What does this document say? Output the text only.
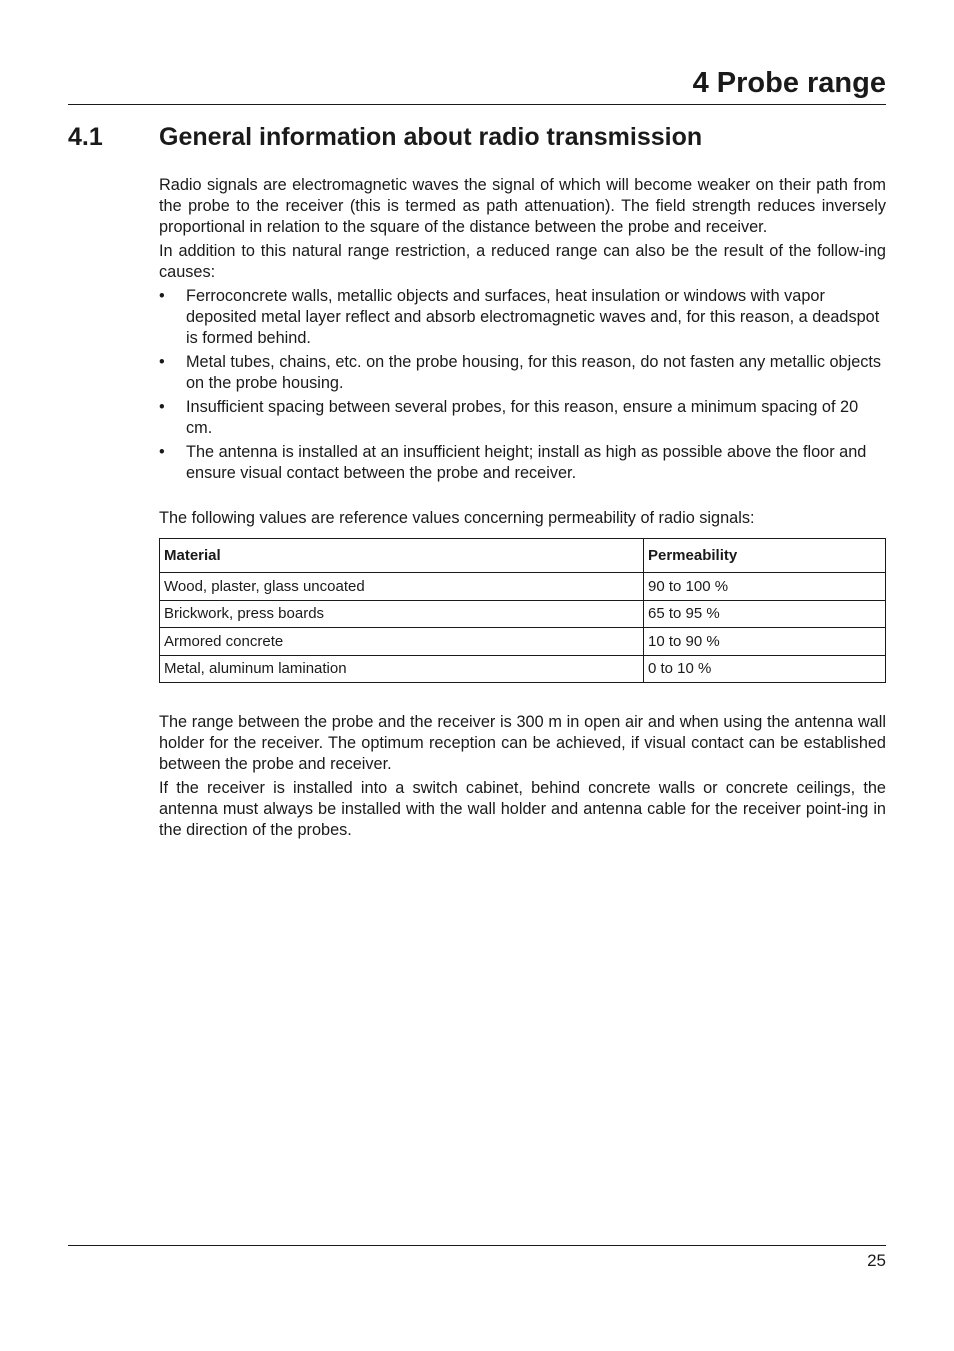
4 Probe range
4.1 General information about radio transmission

Radio signals are electromagnetic waves the signal of which will become weaker on their path from the probe to the receiver (this is termed as path attenuation). The field strength reduces inversely proportional in relation to the square of the distance between the probe and receiver.

In addition to this natural range restriction, a reduced range can also be the result of the follow-ing causes:

• Ferroconcrete walls, metallic objects and surfaces, heat insulation or windows with vapor deposited metal layer reflect and absorb electromagnetic waves and, for this reason, a deadspot is formed behind.
• Metal tubes, chains, etc. on the probe housing, for this reason, do not fasten any metallic objects on the probe housing.
• Insufficient spacing between several probes, for this reason, ensure a minimum spacing of 20 cm.
• The antenna is installed at an insufficient height; install as high as possible above the floor and ensure visual contact between the probe and receiver.

The following values are reference values concerning permeability of radio signals:

Material	Permeability
Wood, plaster, glass uncoated	90 to 100 %
Brickwork, press boards	65 to 95 %
Armored concrete	10 to 90 %
Metal, aluminum lamination	0 to 10 %

The range between the probe and the receiver is 300 m in open air and when using the antenna wall holder for the receiver. The optimum reception can be achieved, if visual contact can be established between the probe and receiver.

If the receiver is installed into a switch cabinet, behind concrete walls or concrete ceilings, the antenna must always be installed with the wall holder and antenna cable for the receiver point-ing in the direction of the probes.

25
